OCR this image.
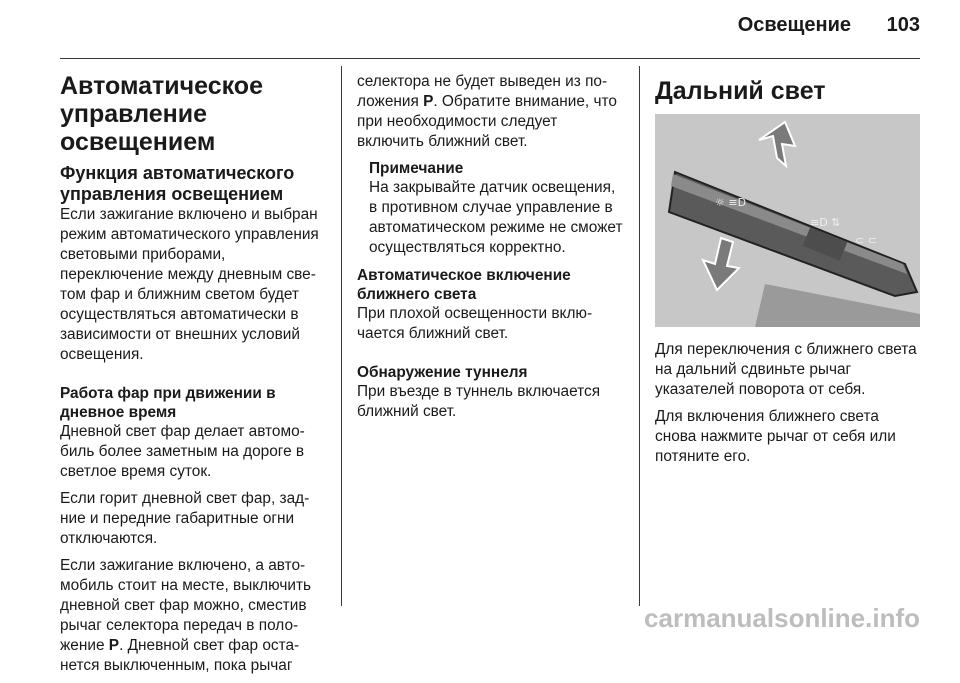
Освещение 103
Автоматическое управление освещением
Функция автоматического управления освещением

Если зажигание включено и выбран режим автоматического управления световыми приборами, переключение между дневным светом фар и ближним светом будет осуществляться автоматически в зависимости от внешних условий освещения.

Работа фар при движении в дневное время

Дневной свет фар делает автомобиль более заметным на дороге в светлое время суток.

Если горит дневной свет фар, задние и передние габаритные огни отключаются.

Если зажигание включено, а автомобиль стоит на месте, выключить дневной свет фар можно, сместив рычаг селектора передач в положение P. Дневной свет фар останется выключенным, пока рычаг

селектора не будет выведен из положения P. Обратите внимание, что при необходимости следует включить ближний свет.

Примечание
На закрывайте датчик освещения, в противном случае управление в автоматическом режиме не сможет осуществляться корректно.
Автоматическое включение ближнего света

При плохой освещенности включается ближний свет.

Обнаружение туннеля

При въезде в туннель включается ближний свет.

Дальний свет
☼ ≡D
≡D ⇅
⊂ ⊂

Для переключения с ближнего света на дальний сдвиньте рычаг указателей поворота от себя.

Для включения ближнего света снова нажмите рычаг от себя или потяните его.

carmanualsonline.info
